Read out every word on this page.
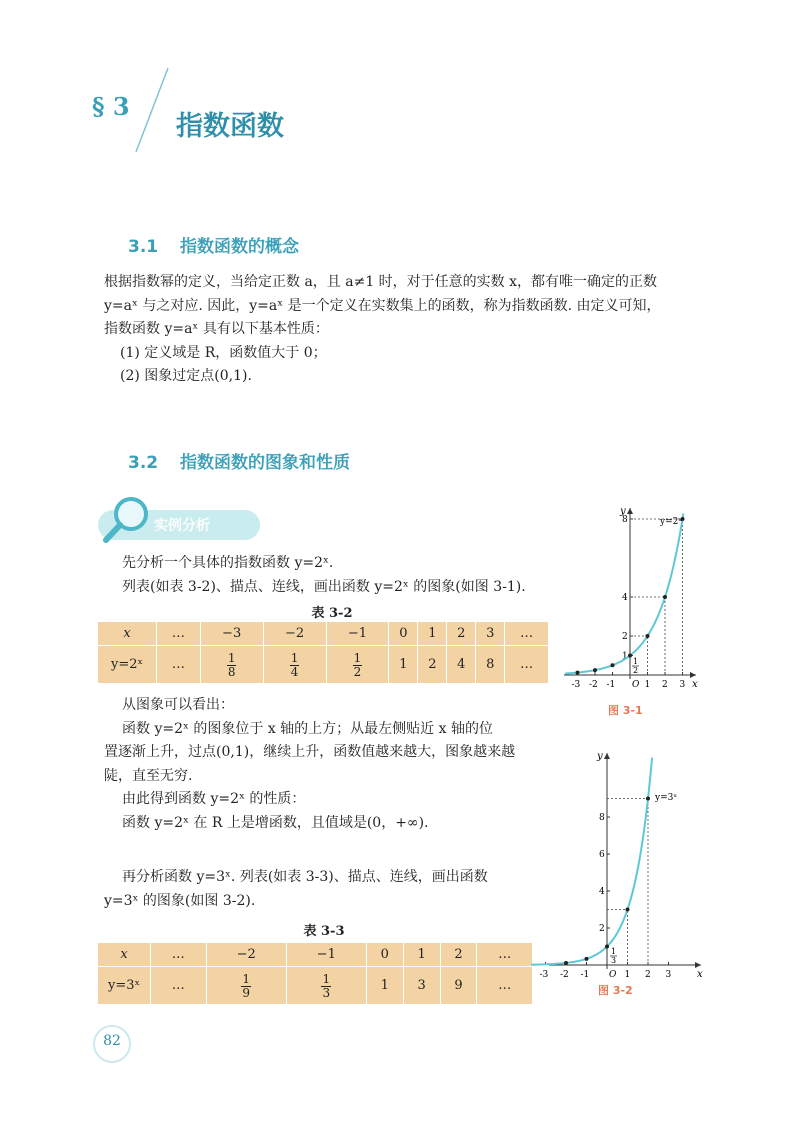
§ 3
指数函数
3.1 指数函数的概念
根据指数幂的定义，当给定正数 a，且 a≠1 时，对于任意的实数 x，都有唯一确定的正数
y=aˣ 与之对应. 因此，y=aˣ 是一个定义在实数集上的函数，称为指数函数. 由定义可知，
指数函数 y=aˣ 具有以下基本性质：
(1) 定义域是 R，函数值大于 0；
(2) 图象过定点(0,1).
3.2 指数函数的图象和性质
实例分析
先分析一个具体的指数函数 y=2ˣ.
列表(如表 3-2)、描点、连线，画出函数 y=2ˣ 的图象(如图 3-1).
表 3-2
x	…	−3	−2	−1	0	1	2	3	…
y=2ˣ	…	$\frac{1}{8}$	$\frac{1}{4}$	$\frac{1}{2}$	1	2	4	8	…
从图象可以看出：
函数 y=2ˣ 的图象位于 x 轴的上方；从最左侧贴近 x 轴的位
置逐渐上升，过点(0,1)，继续上升，函数值越来越大，图象越来越
陡，直至无穷.
由此得到函数 y=2ˣ 的性质：
函数 y=2ˣ 在 R 上是增函数，且值域是(0，+∞).
再分析函数 y=3ˣ. 列表(如表 3-3)、描点、连线，画出函数
y=3ˣ 的图象(如图 3-2).
表 3-3
x	…	−2	−1	0	1	2	…
y=3ˣ	…	$\frac{1}{9}$	$\frac{1}{3}$	1	3	9	…
y
x
O
-3 -2 -1	1 2 3
1
2
4
8	y=2ˣ
1
2
图 3-1
y
x
O
-3 -2 -1	1 2 3
2
4
6
8
y=3ˣ
1
3
图 3-2
82
